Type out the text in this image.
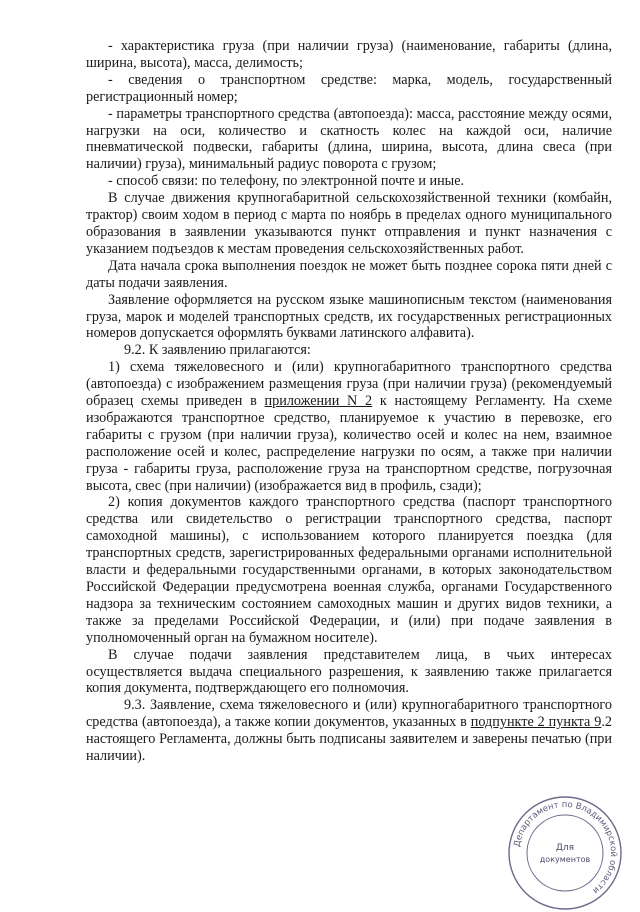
- характеристика груза (при наличии груза) (наименование, габариты (длина, ширина, высота), масса, делимость;

- сведения о транспортном средстве: марка, модель, государственный регистрационный номер;

- параметры транспортного средства (автопоезда): масса, расстояние между осями, нагрузки на оси, количество и скатность колес на каждой оси, наличие пневматической подвески, габариты (длина, ширина, высота, длина свеса (при наличии) груза), минимальный радиус поворота с грузом;

- способ связи: по телефону, по электронной почте и иные.

В случае движения крупногабаритной сельскохозяйственной техники (комбайн, трактор) своим ходом в период с марта по ноябрь в пределах одного муниципального образования в заявлении указываются пункт отправления и пункт назначения с указанием подъездов к местам проведения сельскохозяйственных работ.

Дата начала срока выполнения поездок не может быть позднее сорока пяти дней с даты подачи заявления.

Заявление оформляется на русском языке машинописным текстом (наименования груза, марок и моделей транспортных средств, их государственных регистрационных номеров допускается оформлять буквами латинского алфавита).

9.2. К заявлению прилагаются:

1) схема тяжеловесного и (или) крупногабаритного транспортного средства (автопоезда) с изображением размещения груза (при наличии груза) (рекомендуемый образец схемы приведен в приложении N 2 к настоящему Регламенту. На схеме изображаются транспортное средство, планируемое к участию в перевозке, его габариты с грузом (при наличии груза), количество осей и колес на нем, взаимное расположение осей и колес, распределение нагрузки по осям, а также при наличии груза - габариты груза, расположение груза на транспортном средстве, погрузочная высота, свес (при наличии) (изображается вид в профиль, сзади);

2) копия документов каждого транспортного средства (паспорт транспортного средства или свидетельство о регистрации транспортного средства, паспорт самоходной машины), с использованием которого планируется поездка (для транспортных средств, зарегистрированных федеральными органами исполнительной власти и федеральными государственными органами, в которых законодательством Российской Федерации предусмотрена военная служба, органами Государственного надзора за техническим состоянием самоходных машин и других видов техники, а также за пределами Российской Федерации, и (или) при подаче заявления в уполномоченный орган на бумажном носителе).

В случае подачи заявления представителем лица, в чьих интересах осуществляется выдача специального разрешения, к заявлению также прилагается копия документа, подтверждающего его полномочия.

9.3. Заявление, схема тяжеловесного и (или) крупногабаритного транспортного средства (автопоезда), а также копии документов, указанных в подпункте 2 пункта 9.2 настоящего Регламента, должны быть подписаны заявителем и заверены печатью (при наличии).

Департамент по Владимирской области
Для
документов
